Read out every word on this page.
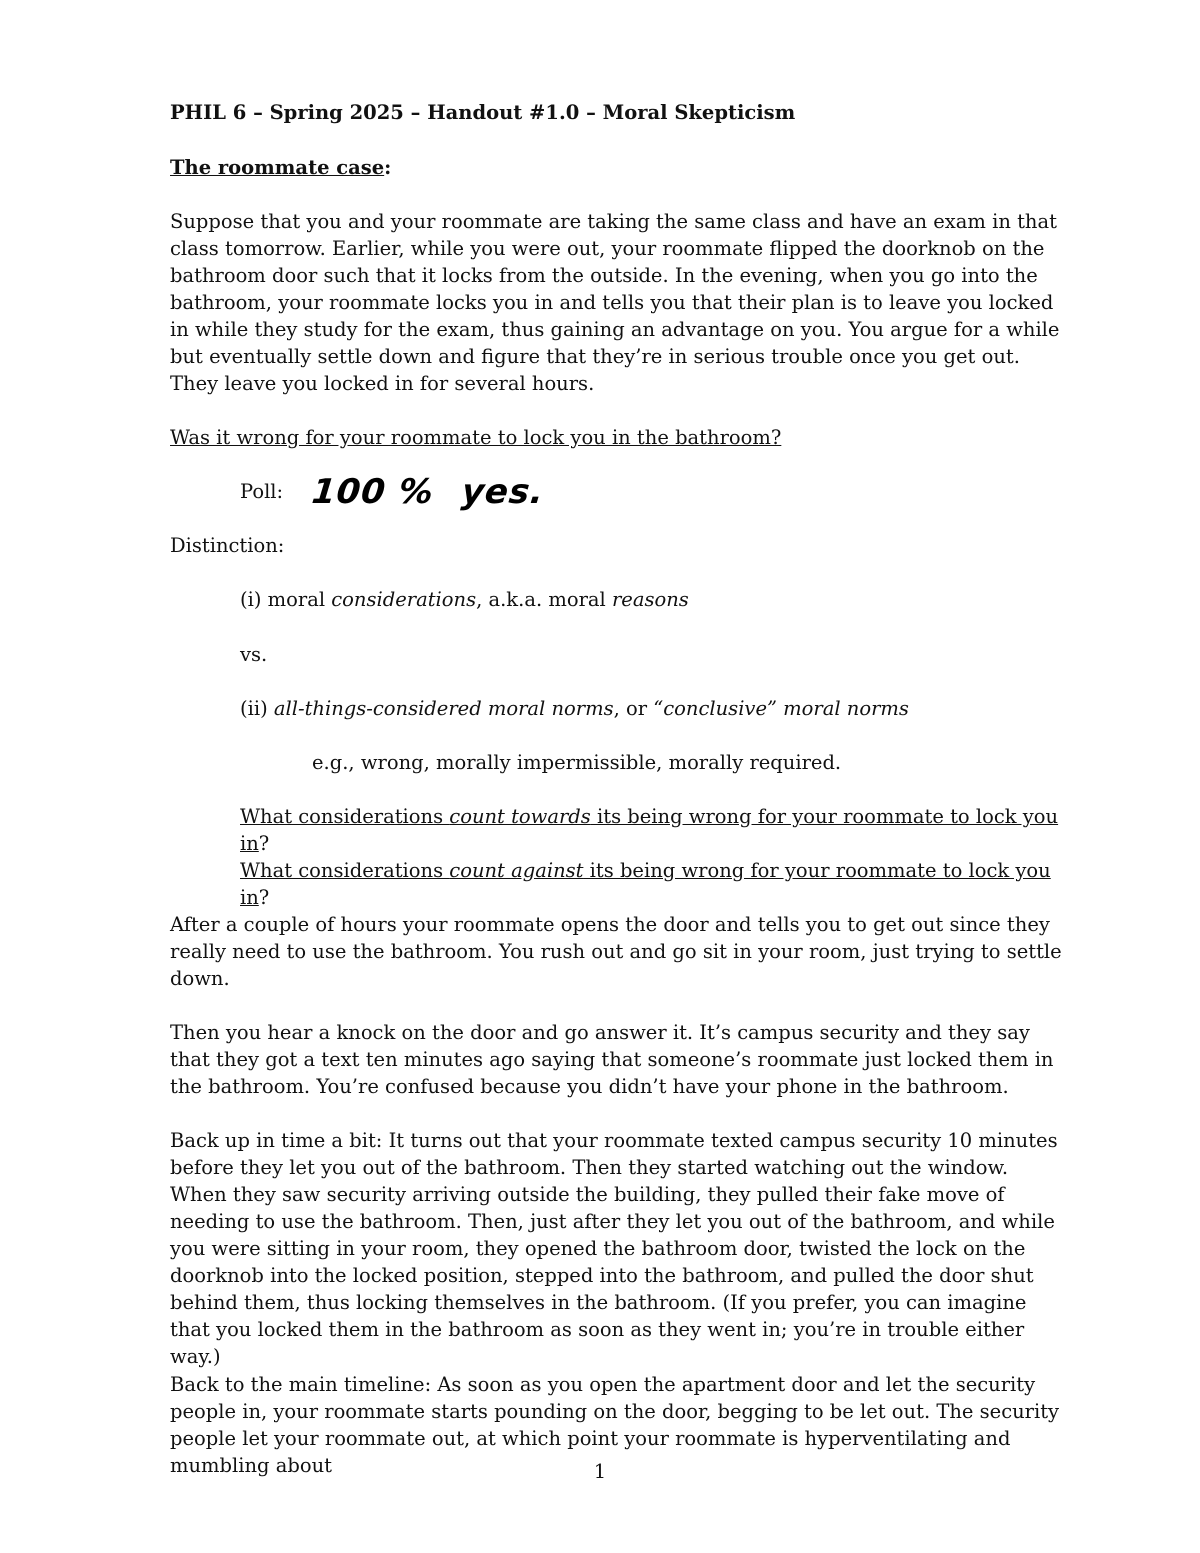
PHIL 6 – Spring 2025 – Handout #1.0 – Moral Skepticism

The roommate case:

Suppose that you and your roommate are taking the same class and have an exam in that class tomorrow. Earlier, while you were out, your roommate flipped the doorknob on the bathroom door such that it locks from the outside. In the evening, when you go into the bathroom, your roommate locks you in and tells you that their plan is to leave you locked in while they study for the exam, thus gaining an advantage on you. You argue for a while but eventually settle down and figure that they’re in serious trouble once you get out. They leave you locked in for several hours.

Was it wrong for your roommate to lock you in the bathroom?

Poll: 100 % yes.

Distinction:

(i) moral considerations, a.k.a. moral reasons

vs.

(ii) all-things-considered moral norms, or “conclusive” moral norms

e.g., wrong, morally impermissible, morally required.

What considerations count towards its being wrong for your roommate to lock you in?

What considerations count against its being wrong for your roommate to lock you in?

After a couple of hours your roommate opens the door and tells you to get out since they really need to use the bathroom. You rush out and go sit in your room, just trying to settle down.

Then you hear a knock on the door and go answer it. It’s campus security and they say that they got a text ten minutes ago saying that someone’s roommate just locked them in the bathroom. You’re confused because you didn’t have your phone in the bathroom.

Back up in time a bit: It turns out that your roommate texted campus security 10 minutes before they let you out of the bathroom. Then they started watching out the window. When they saw security arriving outside the building, they pulled their fake move of needing to use the bathroom. Then, just after they let you out of the bathroom, and while you were sitting in your room, they opened the bathroom door, twisted the lock on the doorknob into the locked position, stepped into the bathroom, and pulled the door shut behind them, thus locking themselves in the bathroom. (If you prefer, you can imagine that you locked them in the bathroom as soon as they went in; you’re in trouble either way.)

Back to the main timeline: As soon as you open the apartment door and let the security people in, your roommate starts pounding on the door, begging to be let out. The security people let your roommate out, at which point your roommate is hyperventilating and mumbling about	1
